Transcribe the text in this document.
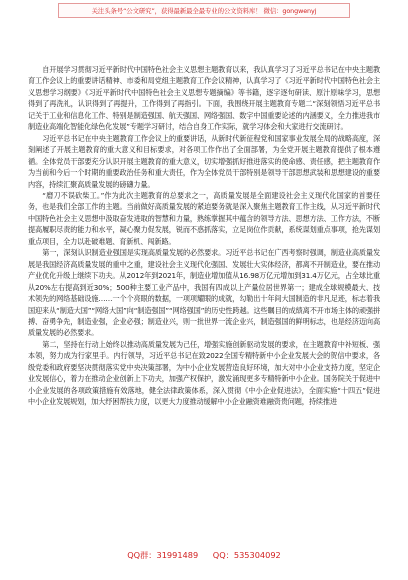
关注头条号“公文研究”，获得最新最全最专业的公文资料库！ 微信：gongwenyj

自开展学习贯彻习近平新时代中国特色社会主义思想主题教育以来，我认真学习了习近平总书记在中央主题教育工作会议上的重要讲话精神、市委和局党组主题教育工作会议精神，认真学习了《习近平新时代中国特色社会主义思想学习纲要》《习近平新时代中国特色社会主义思想专题摘编》等书籍，逐字逐句研读、原汁原味学习，思想得到了再洗礼，认识得到了再提升，工作得到了再指引。下面，我围绕开展主题教育专题二“深刻领悟习近平总书记关于工业和信息化工作、特别是制造强国、航天强国、网络强国、数字中国重要论述的内涵要义，全力推进我市制造业高端化智能化绿色化发展”专题学习研讨，结合自身工作实际，就学习体会和大家进行交流研讨。

习近平总书记在中央主题教育工作会议上的重要讲话，从新时代新征程党和国家事业发展全局的战略高度，深刻阐述了开展主题教育的重大意义和目标要求，对各项工作作出了全面部署，为全党开展主题教育提供了根本遵循。全体党员干部要充分认识开展主题教育的重大意义，切实增强抓好推进落实的使命感、责任感，把主题教育作为当前和今后一个时期的重要政治任务和重大责任，作为全体党员干部特别是领导干部思想武装和思想建设的重要内容，持续汇聚高质量发展的磅礴力量。

“磨刀不误砍柴工。”作为此次主题教育的总要求之一，高质量发展是全面建设社会主义现代化国家的首要任务，也是我们全部工作的主题。当前做好高质量发展的紧迫要务就是深入聚焦主题教育工作主线，从习近平新时代中国特色社会主义思想中汲取奋发进取的智慧和力量，熟练掌握其中蕴含的领导方法、思想方法、工作方法，不断提高履职尽责的能力和水平，凝心聚力促发展，锐而不惑抓落实，立足岗位作贡献，系统谋划重点事项，抢先谋划重点项目，全力以赴破难题、育新机、闯新路。

第一，深刻认识制造业强国是实现高质量发展的必然要求。习近平总书记在广西考察时强调，制造业高质量发展是我国经济高质量发展的重中之重，建设社会主义现代化强国、发展壮大实体经济，都离不开制造业，要在推动产业优化升级上继续下功夫。从2012年到2021年，制造业增加值从16.98万亿元增加到31.4万亿元，占全球比重从20%左右提高到近30%；500种主要工业产品中，我国有四成以上产量位居世界第一；建成全球规模最大、技术领先的网络基础设施……一个个亮眼的数据，一项项耀眼的成就，勾勒出十年间大国制造的非凡足迹，标志着我国迎来从“制造大国”“网络大国”向“制造强国”“网络强国”的历史性跨越。这些瞩目的成绩离不开市场主体的顽强拼搏、奋勇争先，制造业强，企业必强；制造业兴，则一批世界一流企业兴，制造强国的鲜明标志，也是经济迈向高质量发展的必然要求。

第二，坚持在行动上始终以推动高质量发展为己任，增强实施创新驱动发展的要求，在主题教育中补短板、强本领，努力成为行家里手。内行领导，习近平总书记在致2022全国专精特新中小企业发展大会的贺信中要求，各级党委和政府要坚决贯彻落实党中央决策部署，为中小企业发展营造良好环境，加大对中小企业支持力度，坚定企业发展信心，着力在推动企业创新上下功夫，加强产权保护，激发涌现更多专精特新中小企业。国务院关于促进中小企业发展的各项政策措施有效落地，健全法律政策体系，深入贯彻《中小企业促进法》，全面实施“十四五”促进中小企业发展规划，加大纾困帮扶力度，以更大力度推动缓解中小企业融资难融资贵问题，持续推进

QQ群：31991489 QQ：535304092
